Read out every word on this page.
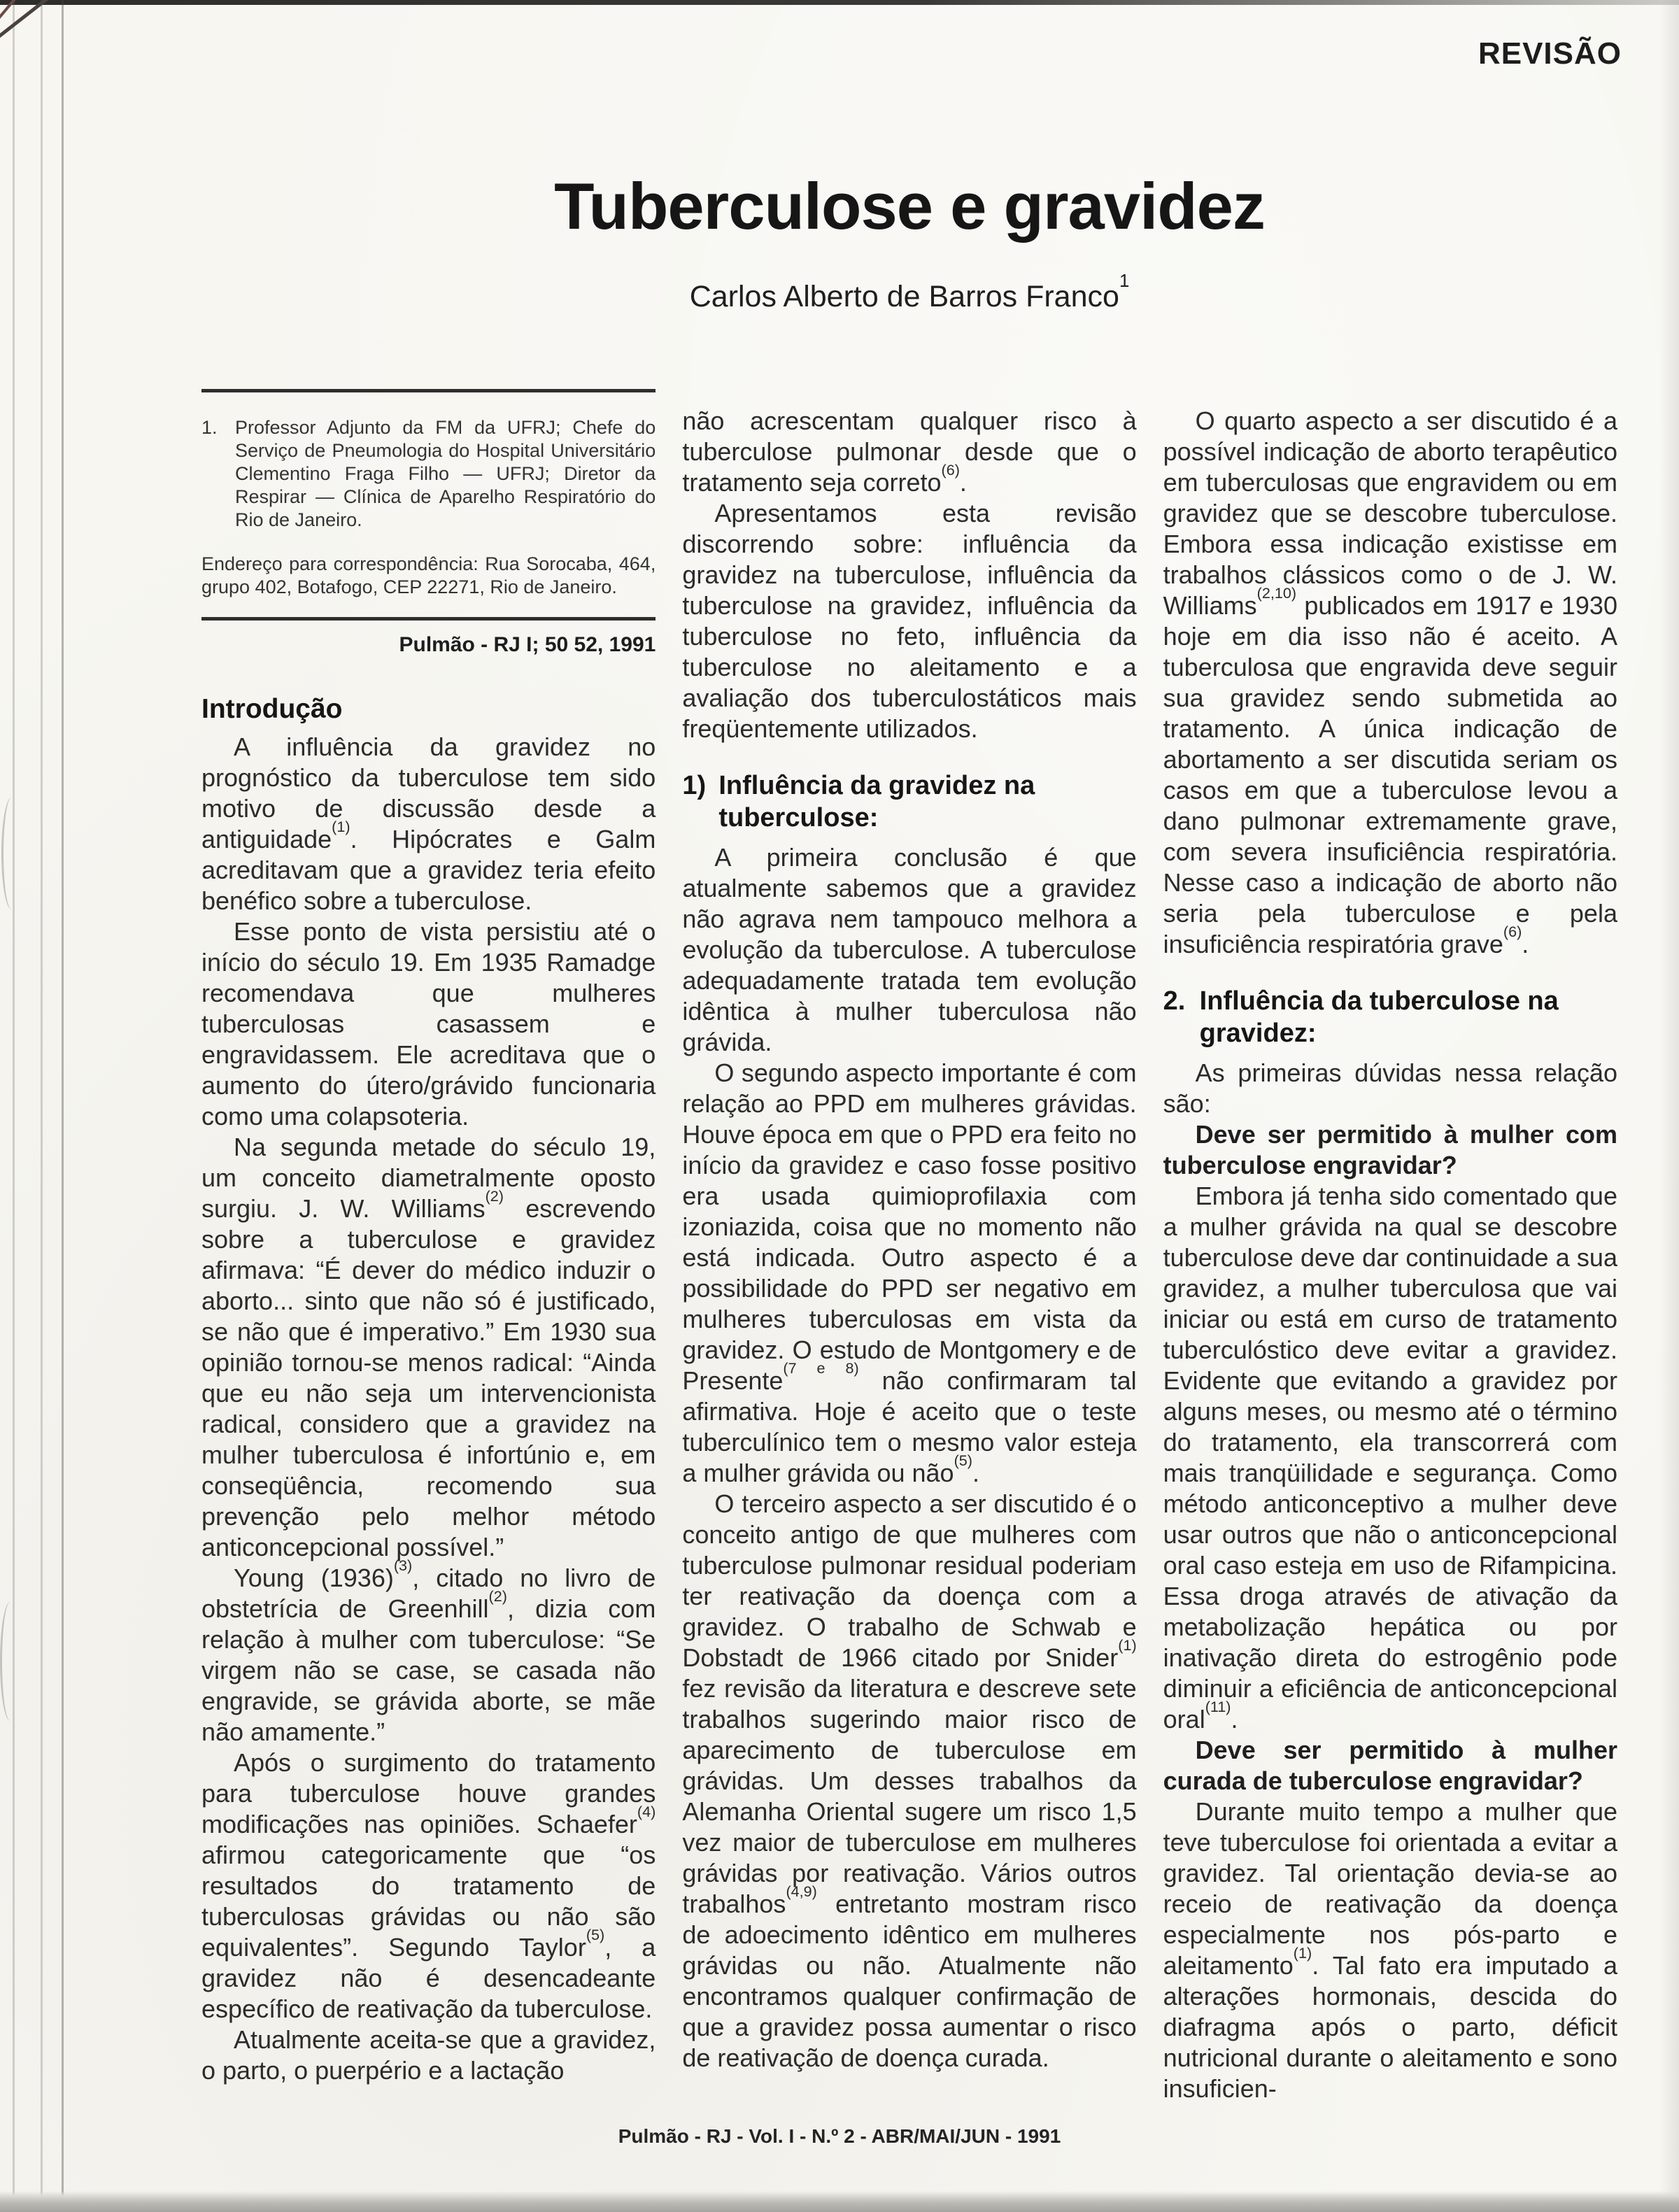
REVISÃO
Tuberculose e gravidez
Carlos Alberto de Barros Franco$^1$
1. Professor Adjunto da FM da UFRJ; Chefe do Serviço de Pneumologia do Hospital Universitário Clementino Fraga Filho — UFRJ; Diretor da Respirar — Clínica de Aparelho Respiratório do Rio de Janeiro.

Endereço para correspondência: Rua Sorocaba, 464, grupo 402, Botafogo, CEP 22271, Rio de Janeiro.

Pulmão - RJ I; 50 52, 1991
Introdução

A influência da gravidez no prognóstico da tuberculose tem sido motivo de discussão desde a antiguidade$^{(1)}$. Hipócrates e Galm acreditavam que a gravidez teria efeito benéfico sobre a tuberculose.

Esse ponto de vista persistiu até o início do século 19. Em 1935 Ramadge recomendava que mulheres tuberculosas casassem e engravidassem. Ele acreditava que o aumento do útero/grávido funcionaria como uma colapsoteria.

Na segunda metade do século 19, um conceito diametralmente oposto surgiu. J. W. Williams$^{(2)}$ escrevendo sobre a tuberculose e gravidez afirmava: “É dever do médico induzir o aborto... sinto que não só é justificado, se não que é imperativo.” Em 1930 sua opinião tornou-se menos radical: “Ainda que eu não seja um intervencionista radical, considero que a gravidez na mulher tuberculosa é infortúnio e, em conseqüência, recomendo sua prevenção pelo melhor método anticoncepcional possível.”

Young $(1936)^{(3)}$, citado no livro de obstetrícia de Greenhill$^{(2)}$, dizia com relação à mulher com tuberculose: “Se virgem não se case, se casada não engravide, se grávida aborte, se mãe não amamente.”

Após o surgimento do tratamento para tuberculose houve grandes modificações nas opiniões. Schaefer$^{(4)}$ afirmou categoricamente que “os resultados do tratamento de tuberculosas grávidas ou não são equivalentes”. Segundo Taylor$^{(5)}$, a gravidez não é desencadeante específico de reativação da tuberculose.

Atualmente aceita-se que a gravidez, o parto, o puerpério e a lactação

não acrescentam qualquer risco à tuberculose pulmonar desde que o tratamento seja correto$^{(6)}$.

Apresentamos esta revisão discorrendo sobre: influência da gravidez na tuberculose, influência da tuberculose na gravidez, influência da tuberculose no feto, influência da tuberculose no aleitamento e a avaliação dos tuberculostáticos mais freqüentemente utilizados.

1) Influência da gravidez na tuberculose:

A primeira conclusão é que atualmente sabemos que a gravidez não agrava nem tampouco melhora a evolução da tuberculose. A tuberculose adequadamente tratada tem evolução idêntica à mulher tuberculosa não grávida.

O segundo aspecto importante é com relação ao PPD em mulheres grávidas. Houve época em que o PPD era feito no início da gravidez e caso fosse positivo era usada quimioprofilaxia com izoniazida, coisa que no momento não está indicada. Outro aspecto é a possibilidade do PPD ser negativo em mulheres tuberculosas em vista da gravidez. O estudo de Montgomery e de Presente$^{(7 e 8)}$ não confirmaram tal afirmativa. Hoje é aceito que o teste tuberculínico tem o mesmo valor esteja a mulher grávida ou não$^{(5)}$.

O terceiro aspecto a ser discutido é o conceito antigo de que mulheres com tuberculose pulmonar residual poderiam ter reativação da doença com a gravidez. O trabalho de Schwab e Dobstadt de 1966 citado por Snider$^{(1)}$ fez revisão da literatura e descreve sete trabalhos sugerindo maior risco de aparecimento de tuberculose em grávidas. Um desses trabalhos da Alemanha Oriental sugere um risco 1,5 vez maior de tuberculose em mulheres grávidas por reativação. Vários outros trabalhos$^{(4,9)}$ entretanto mostram risco de adoecimento idêntico em mulheres grávidas ou não. Atualmente não encontramos qualquer confirmação de que a gravidez possa aumentar o risco de reativação de doença curada.

O quarto aspecto a ser discutido é a possível indicação de aborto terapêutico em tuberculosas que engravidem ou em gravidez que se descobre tuberculose. Embora essa indicação existisse em trabalhos clássicos como o de J. W. Williams$^{(2,10)}$ publicados em 1917 e 1930 hoje em dia isso não é aceito. A tuberculosa que engravida deve seguir sua gravidez sendo submetida ao tratamento. A única indicação de abortamento a ser discutida seriam os casos em que a tuberculose levou a dano pulmonar extremamente grave, com severa insuficiência respiratória. Nesse caso a indicação de aborto não seria pela tuberculose e pela insuficiência respiratória grave$^{(6)}$.

2. Influência da tuberculose na gravidez:

As primeiras dúvidas nessa relação são:

Deve ser permitido à mulher com tuberculose engravidar?

Embora já tenha sido comentado que a mulher grávida na qual se descobre tuberculose deve dar continuidade a sua gravidez, a mulher tuberculosa que vai iniciar ou está em curso de tratamento tuberculóstico deve evitar a gravidez. Evidente que evitando a gravidez por alguns meses, ou mesmo até o término do tratamento, ela transcorrerá com mais tranqüilidade e segurança. Como método anticonceptivo a mulher deve usar outros que não o anticoncepcional oral caso esteja em uso de Rifampicina. Essa droga através de ativação da metabolização hepática ou por inativação direta do estrogênio pode diminuir a eficiência de anticoncepcional oral$^{(11)}$.

Deve ser permitido à mulher curada de tuberculose engravidar?

Durante muito tempo a mulher que teve tuberculose foi orientada a evitar a gravidez. Tal orientação devia-se ao receio de reativação da doença especialmente nos pós-parto e aleitamento$^{(1)}$. Tal fato era imputado a alterações hormonais, descida do diafragma após o parto, déficit nutricional durante o aleitamento e sono insuficien-

Pulmão - RJ - Vol. I - N.º 2 - ABR/MAI/JUN - 1991
